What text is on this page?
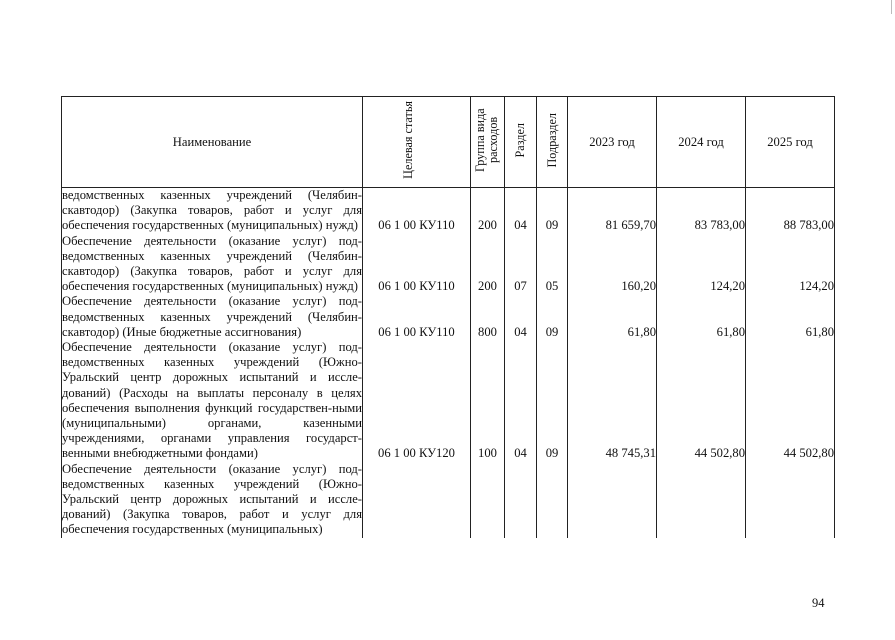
Наименование	Целевая статья	Группа вида расходов	Раздел	Подраздел	2023 год	2024 год	2025 год
ведомственных казенных учреждений (Челябин-скавтодор) (Закупка товаров, работ и услуг для обеспечения государственных (муниципальных) нужд)	06 1 00 КУ110	200	04	09	81 659,70	83 783,00	88 783,00
Обеспечение деятельности (оказание услуг) под-ведомственных казенных учреждений (Челябин-скавтодор) (Закупка товаров, работ и услуг для обеспечения государственных (муниципальных) нужд)	06 1 00 КУ110	200	07	05	160,20	124,20	124,20
Обеспечение деятельности (оказание услуг) под-ведомственных казенных учреждений (Челябин-скавтодор) (Иные бюджетные ассигнования)	06 1 00 КУ110	800	04	09	61,80	61,80	61,80
Обеспечение деятельности (оказание услуг) под-ведомственных казенных учреждений (Южно-Уральский центр дорожных испытаний и иссле-дований) (Расходы на выплаты персоналу в целях обеспечения выполнения функций государствен-ными (муниципальными) органами, казенными учреждениями, органами управления государст-венными внебюджетными фондами)	06 1 00 КУ120	100	04	09	48 745,31	44 502,80	44 502,80
Обеспечение деятельности (оказание услуг) под-ведомственных казенных учреждений (Южно-Уральский центр дорожных испытаний и иссле-дований) (Закупка товаров, работ и услуг для обеспечения государственных (муниципальных)							
94
